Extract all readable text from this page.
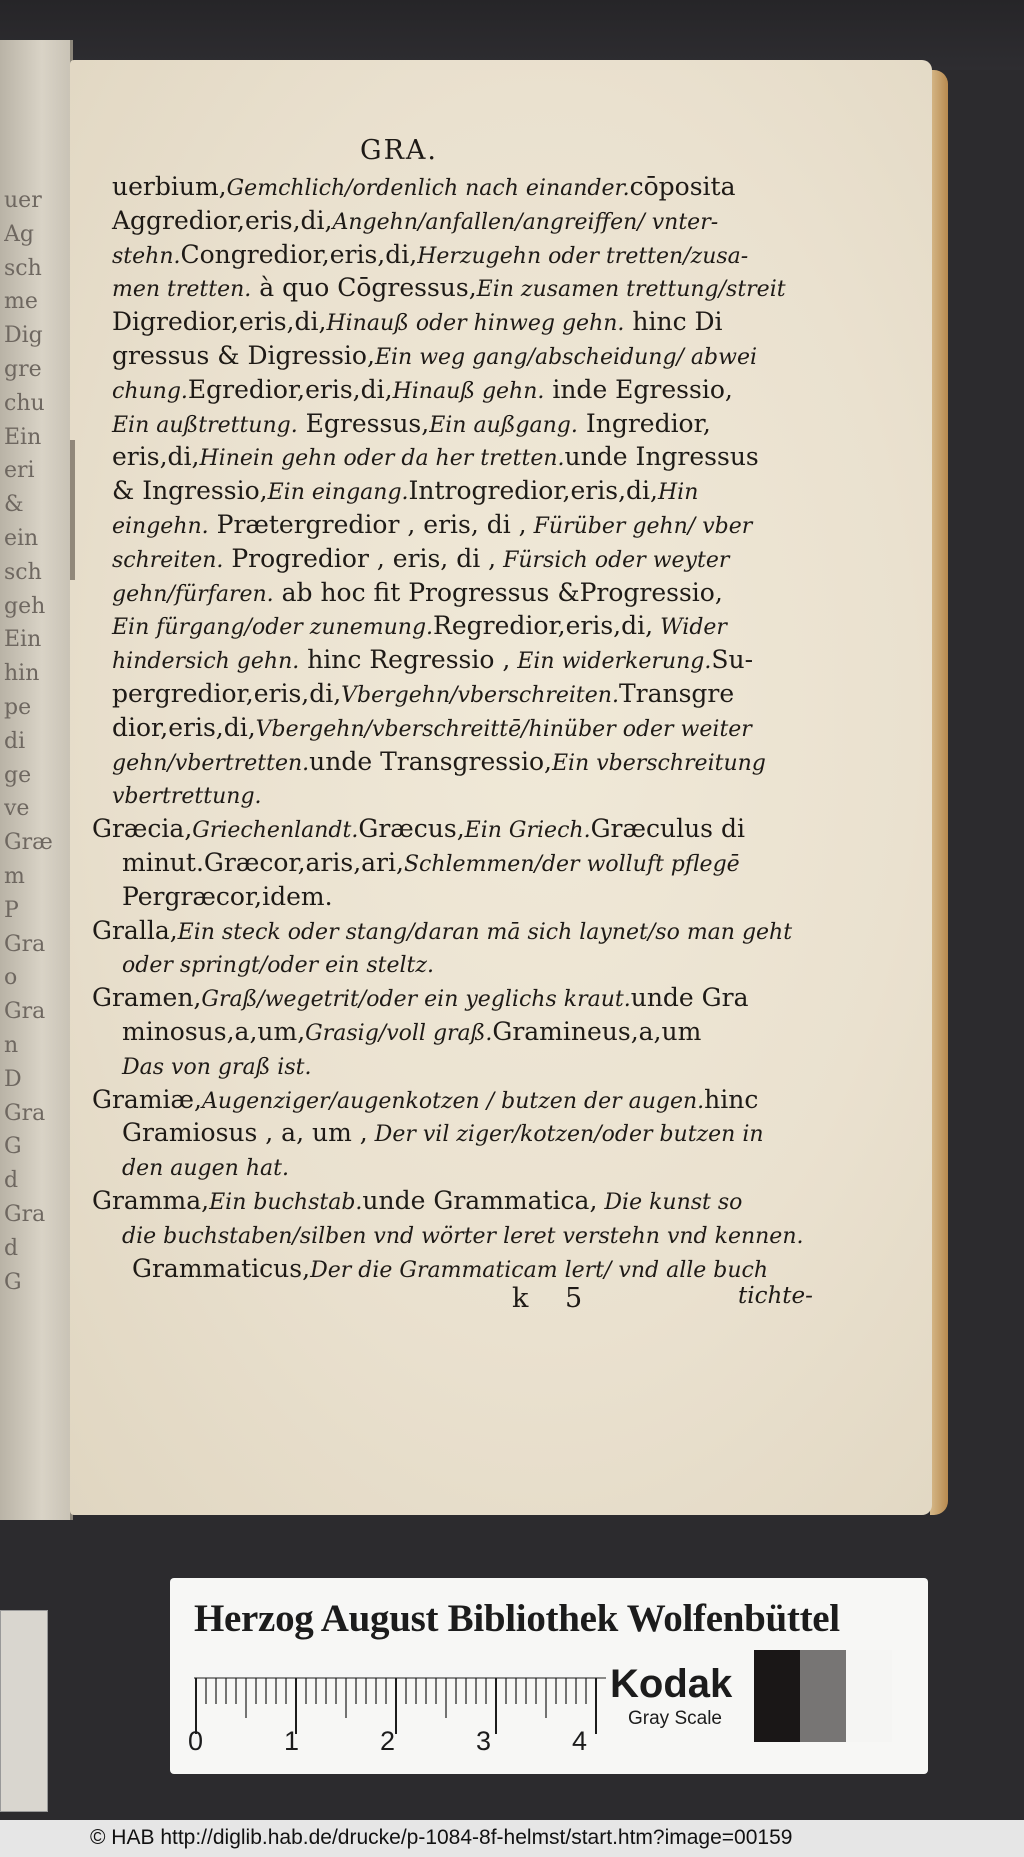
uer
Ag
sch
me
Dig
gre
chu
Ein
eri
&
ein
sch
geh
Ein
hin
pe
di
ge
ve
Græ
m
P
Gra
o
Gra
n
D
Gra
G
d
Gra
d
G
GRA.
uerbium,Gemchlich/ordenlich nach einander.cōposita
Aggredior,eris,di,Angehn/anfallen/angreiffen/ vnter-
stehn.Congredior,eris,di,Herzugehn oder tretten/zusa-
men tretten. à quo Cōgressus,Ein zusamen trettung/streit
Digredior,eris,di,Hinauß oder hinweg gehn. hinc Di
gressus & Digressio,Ein weg gang/abscheidung/ abwei
chung.Egredior,eris,di,Hinauß gehn. inde Egressio,
Ein außtrettung. Egressus,Ein außgang. Ingredior,
eris,di,Hinein gehn oder da her tretten.unde Ingressus
& Ingressio,Ein eingang.Introgredior,eris,di,Hin
eingehn. Prætergredior , eris, di , Fürüber gehn/ vber
schreiten. Progredior , eris, di , Fürsich oder weyter
gehn/fürfaren. ab hoc fit Progressus &Progressio,
Ein fürgang/oder zunemung.Regredior,eris,di, Wider
hindersich gehn. hinc Regressio , Ein widerkerung.Su-
pergredior,eris,di,Vbergehn/vberschreiten.Transgre
dior,eris,di,Vbergehn/vberschreittē/hinüber oder weiter
gehn/vbertretten.unde Transgressio,Ein vberschreitung
vbertrettung.
Græcia,Griechenlandt.Græcus,Ein Griech.Græculus di
minut.Græcor,aris,ari,Schlemmen/der wolluft pflegē
Pergræcor,idem.
Gralla,Ein steck oder stang/daran mā sich laynet/so man geht
oder springt/oder ein steltz.
Gramen,Graß/wegetrit/oder ein yeglichs kraut.unde Gra
minosus,a,um,Grasig/voll graß.Gramineus,a,um
Das von graß ist.
Gramiæ,Augenziger/augenkotzen / butzen der augen.hinc
Gramiosus , a, um , Der vil ziger/kotzen/oder butzen in
den augen hat.
Gramma,Ein buchstab.unde Grammatica, Die kunst so
die buchstaben/silben vnd wörter leret verstehn vnd kennen.
Grammaticus,Der die Grammaticam lert/ vnd alle buch
k 5	tichte-
Herzog August Bibliothek Wolfenbüttel
0	1	2	3	4
Kodak
Gray Scale
© HAB http://diglib.hab.de/drucke/p-1084-8f-helmst/start.htm?image=00159
